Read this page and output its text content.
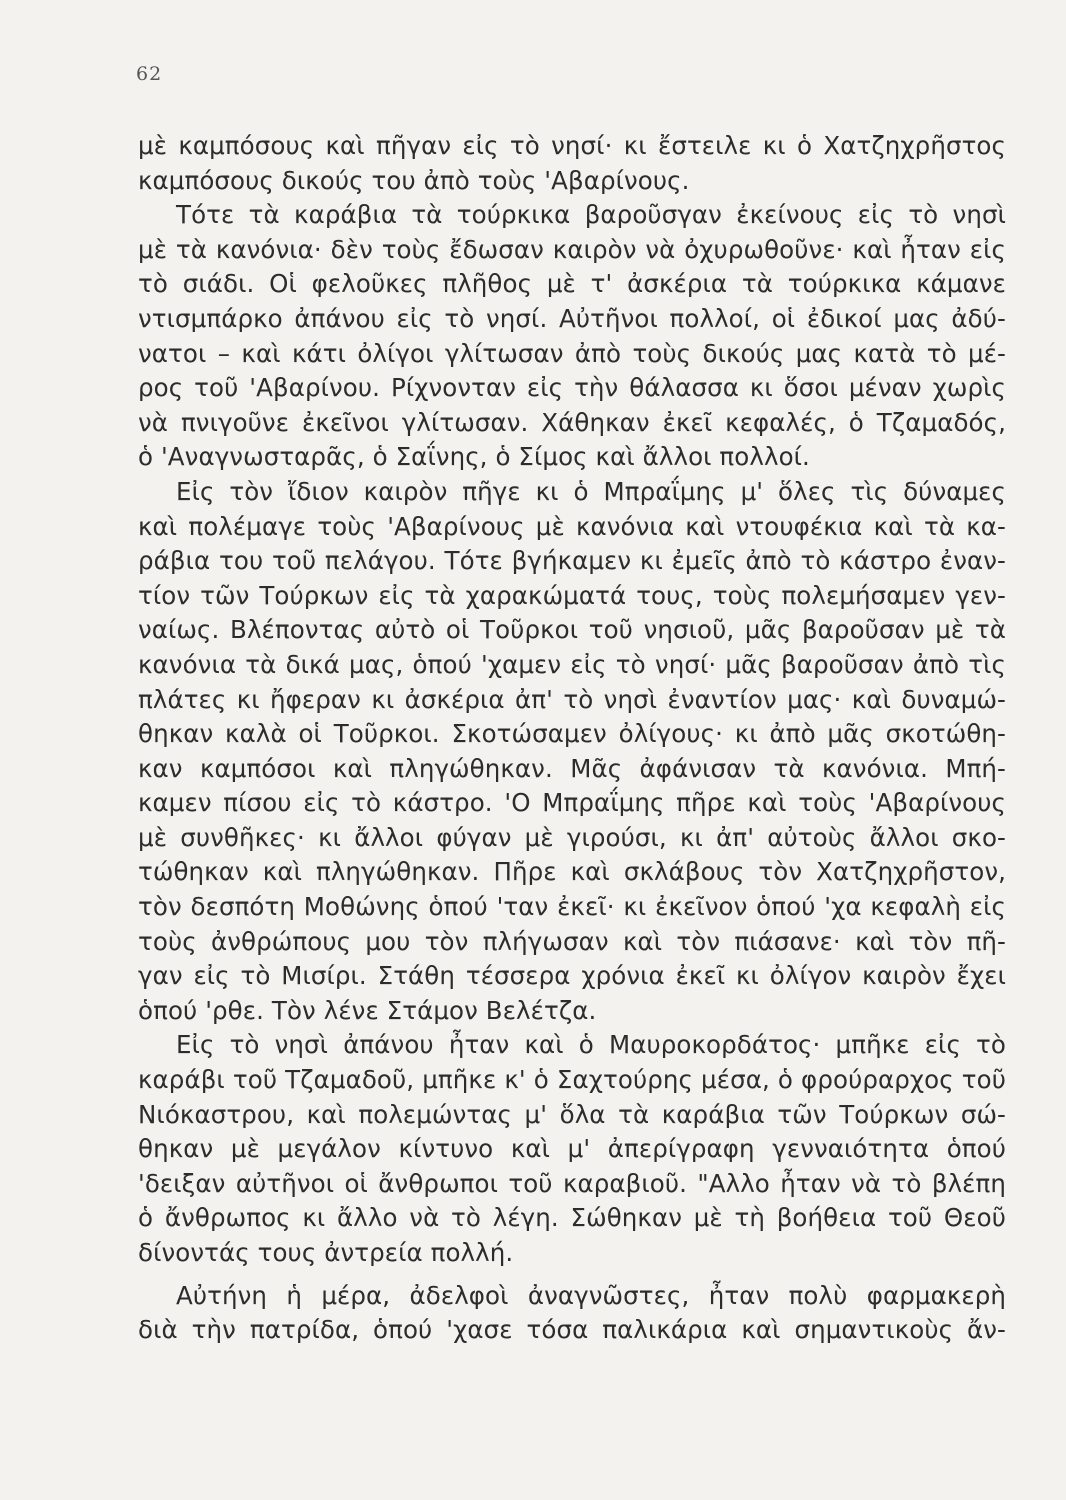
62
μὲ καμπόσους καὶ πῆγαν εἰς τὸ νησί· κι ἔστειλε κι ὁ Χατζηχρῆστος
καμπόσους δικούς του ἀπὸ τοὺς 'Αβαρίνους.
Τότε τὰ καράβια τὰ τούρκικα βαροῦσγαν ἐκείνους εἰς τὸ νησὶ
μὲ τὰ κανόνια· δὲν τοὺς ἔδωσαν καιρὸν νὰ ὀχυρωθοῦνε· καὶ ἦταν εἰς
τὸ σιάδι. Οἱ φελοῦκες πλῆθος μὲ τ' ἀσκέρια τὰ τούρκικα κάμανε
ντισμπάρκο ἀπάνου εἰς τὸ νησί. Αὐτῆνοι πολλοί, οἱ ἐδικοί μας ἀδύ-
νατοι – καὶ κάτι ὀλίγοι γλίτωσαν ἀπὸ τοὺς δικούς μας κατὰ τὸ μέ-
ρος τοῦ 'Αβαρίνου. Ρίχνονταν εἰς τὴν θάλασσα κι ὅσοι μέναν χωρὶς
νὰ πνιγοῦνε ἐκεῖνοι γλίτωσαν. Χάθηκαν ἐκεῖ κεφαλές, ὁ Τζαμαδός,
ὁ 'Αναγνωσταρᾶς, ὁ Σαΐνης, ὁ Σίμος καὶ ἄλλοι πολλοί.
Εἰς τὸν ἴδιον καιρὸν πῆγε κι ὁ Μπραΐμης μ' ὅλες τὶς δύναμες
καὶ πολέμαγε τοὺς 'Αβαρίνους μὲ κανόνια καὶ ντουφέκια καὶ τὰ κα-
ράβια του τοῦ πελάγου. Τότε βγήκαμεν κι ἐμεῖς ἀπὸ τὸ κάστρο ἐναν-
τίον τῶν Τούρκων εἰς τὰ χαρακώματά τους, τοὺς πολεμήσαμεν γεν-
ναίως. Βλέποντας αὐτὸ οἱ Τοῦρκοι τοῦ νησιοῦ, μᾶς βαροῦσαν μὲ τὰ
κανόνια τὰ δικά μας, ὁπού 'χαμεν εἰς τὸ νησί· μᾶς βαροῦσαν ἀπὸ τὶς
πλάτες κι ἤφεραν κι ἀσκέρια ἀπ' τὸ νησὶ ἐναντίον μας· καὶ δυναμώ-
θηκαν καλὰ οἱ Τοῦρκοι. Σκοτώσαμεν ὀλίγους· κι ἀπὸ μᾶς σκοτώθη-
καν καμπόσοι καὶ πληγώθηκαν. Μᾶς ἀφάνισαν τὰ κανόνια. Μπή-
καμεν πίσου εἰς τὸ κάστρο. 'Ο Μπραΐμης πῆρε καὶ τοὺς 'Αβαρίνους
μὲ συνθῆκες· κι ἄλλοι φύγαν μὲ γιρούσι, κι ἀπ' αὐτοὺς ἄλλοι σκο-
τώθηκαν καὶ πληγώθηκαν. Πῆρε καὶ σκλάβους τὸν Χατζηχρῆστον,
τὸν δεσπότη Μοθώνης ὁπού 'ταν ἐκεῖ· κι ἐκεῖνον ὁπού 'χα κεφαλὴ εἰς
τοὺς ἀνθρώπους μου τὸν πλήγωσαν καὶ τὸν πιάσανε· καὶ τὸν πῆ-
γαν εἰς τὸ Μισίρι. Στάθη τέσσερα χρόνια ἐκεῖ κι ὀλίγον καιρὸν ἔχει
ὁπού 'ρθε. Τὸν λένε Στάμον Βελέτζα.
Εἰς τὸ νησὶ ἀπάνου ἦταν καὶ ὁ Μαυροκορδάτος· μπῆκε εἰς τὸ
καράβι τοῦ Τζαμαδοῦ, μπῆκε κ' ὁ Σαχτούρης μέσα, ὁ φρούραρχος τοῦ
Νιόκαστρου, καὶ πολεμώντας μ' ὅλα τὰ καράβια τῶν Τούρκων σώ-
θηκαν μὲ μεγάλον κίντυνο καὶ μ' ἀπερίγραφη γενναιότητα ὁπού
'δειξαν αὐτῆνοι οἱ ἄνθρωποι τοῦ καραβιοῦ. "Αλλο ἦταν νὰ τὸ βλέπη
ὁ ἄνθρωπος κι ἄλλο νὰ τὸ λέγη. Σώθηκαν μὲ τὴ βοήθεια τοῦ Θεοῦ
δίνοντάς τους ἀντρεία πολλή.
Αὐτήνη ἡ μέρα, ἀδελφοὶ ἀναγνῶστες, ἦταν πολὺ φαρμακερὴ
διὰ τὴν πατρίδα, ὁπού 'χασε τόσα παλικάρια καὶ σημαντικοὺς ἄν-
